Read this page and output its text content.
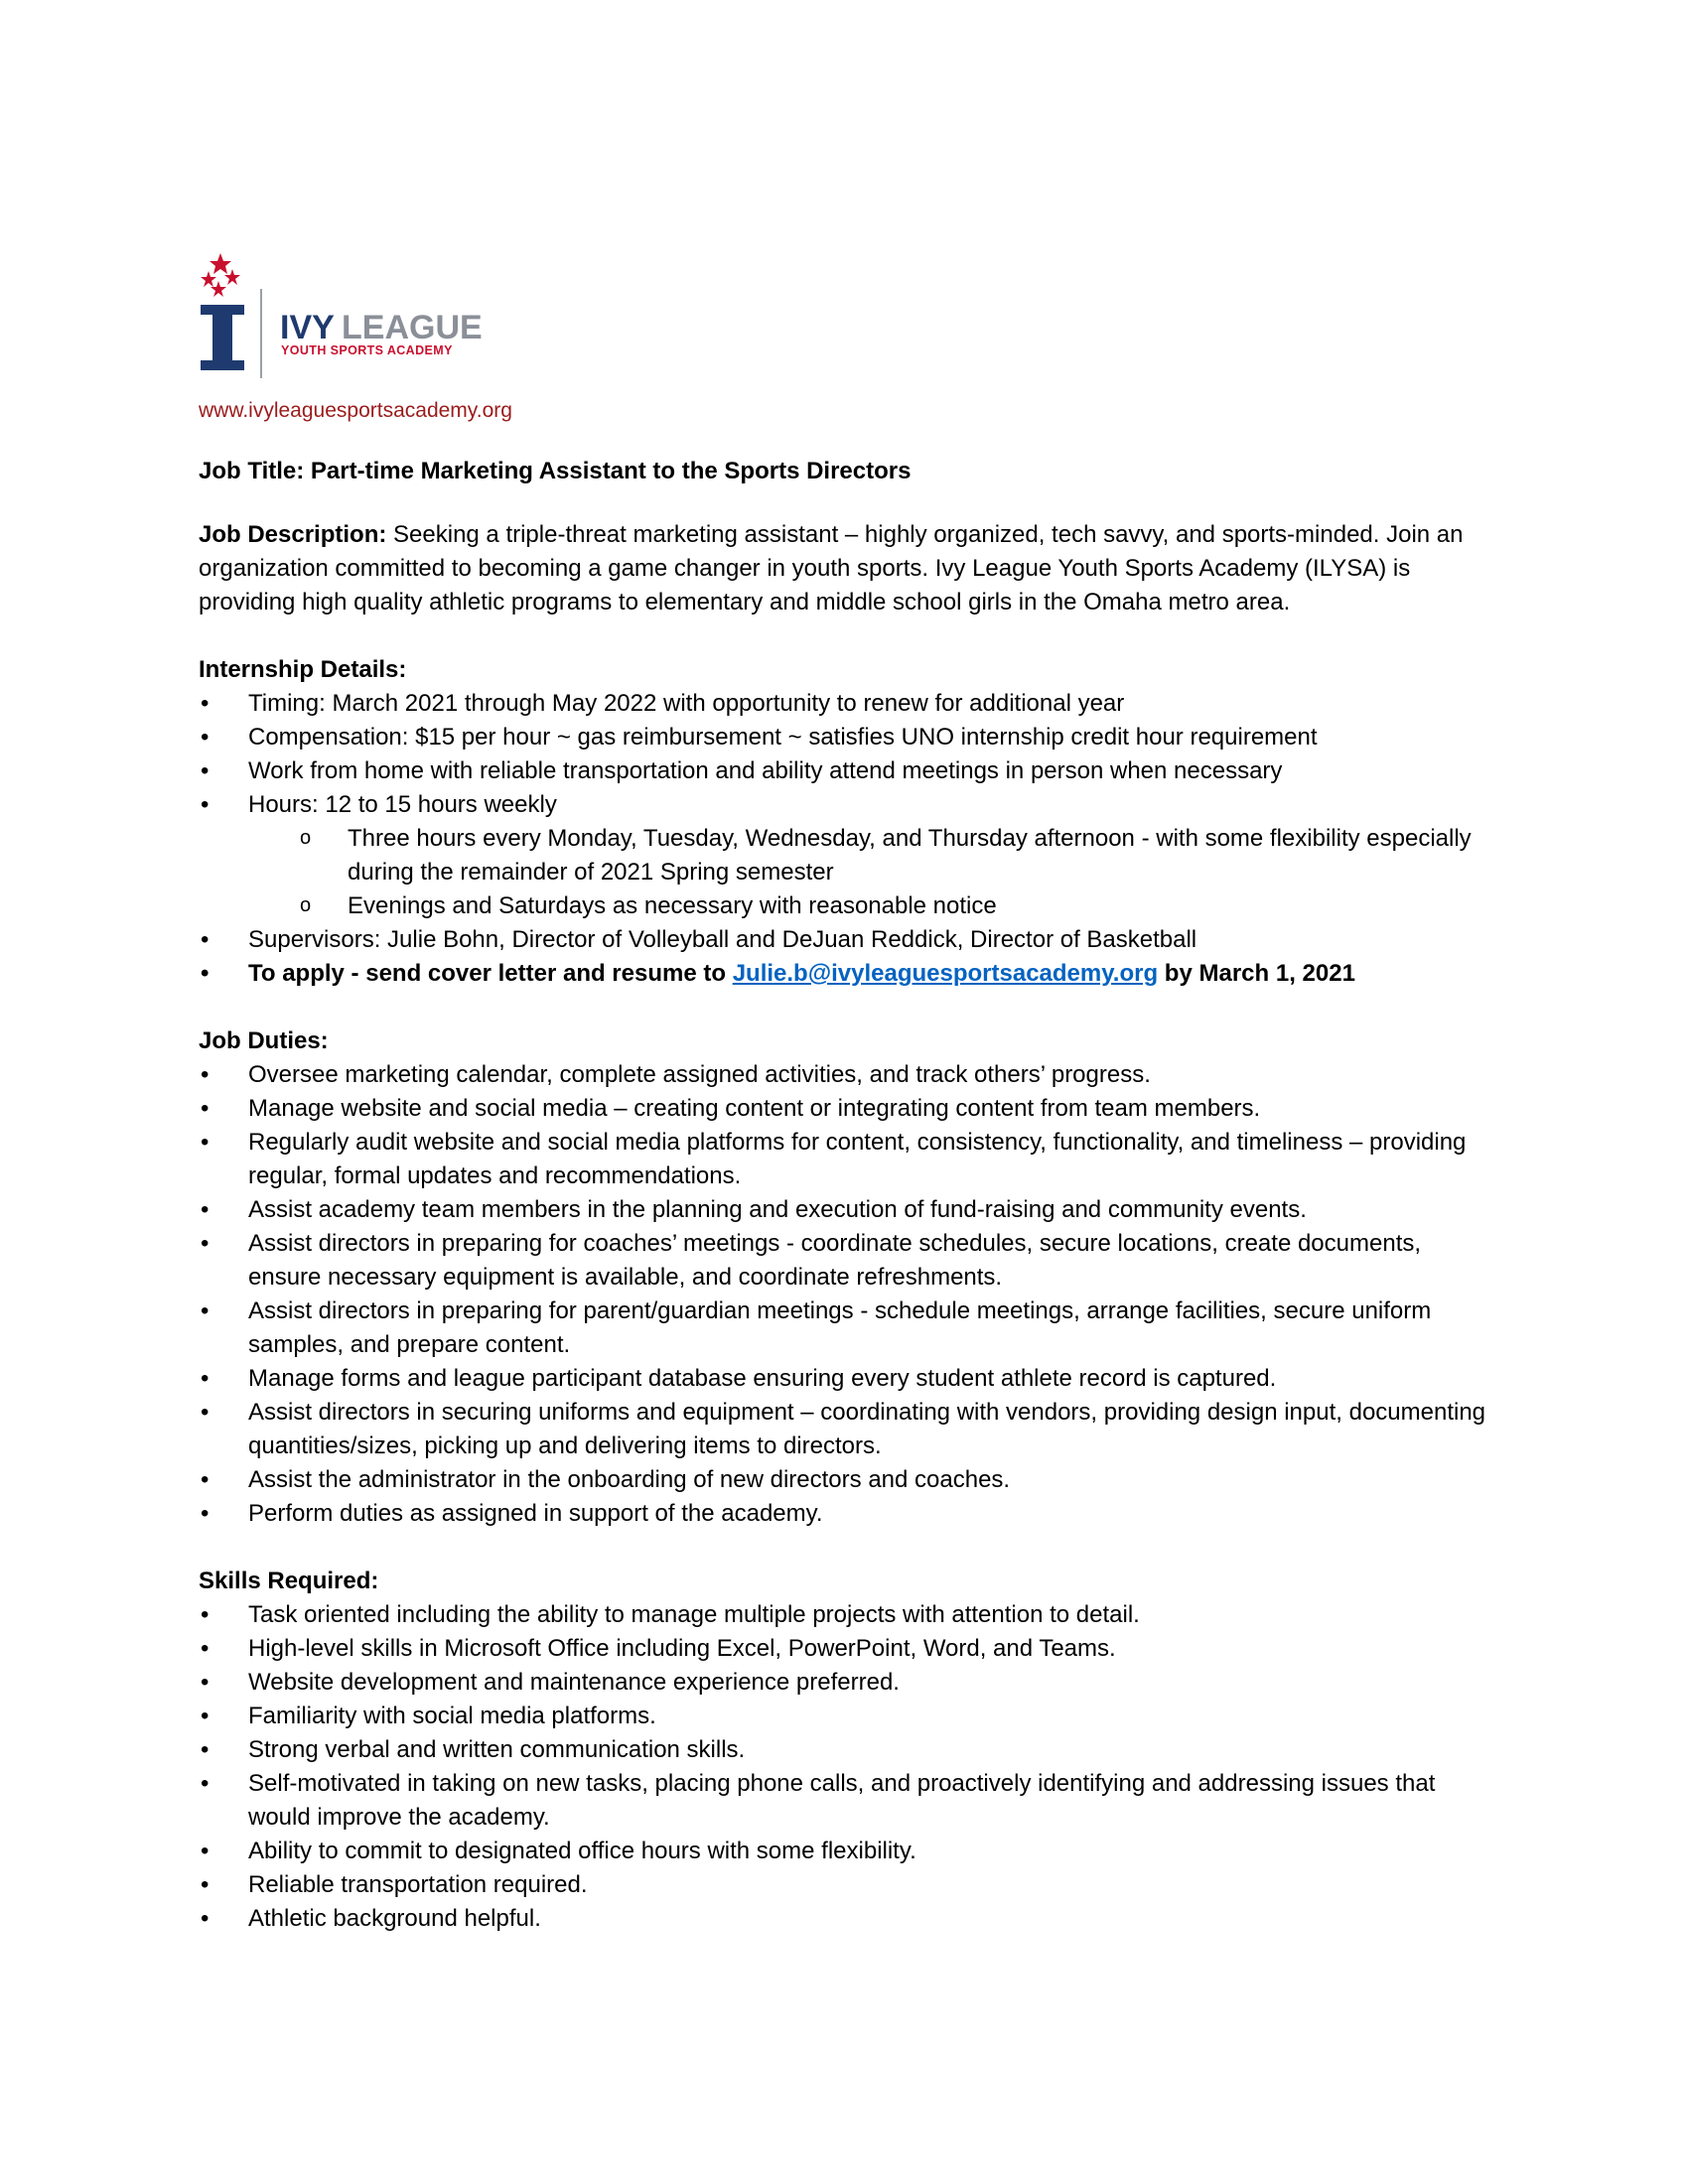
IVY LEAGUE
YOUTH SPORTS ACADEMY
www.ivyleaguesportsacademy.org
Job Title: Part-time Marketing Assistant to the Sports Directors
Job Description: Seeking a triple-threat marketing assistant – highly organized, tech savvy, and sports-minded. Join an organization committed to becoming a game changer in youth sports. Ivy League Youth Sports Academy (ILYSA) is providing high quality athletic programs to elementary and middle school girls in the Omaha metro area.
Internship Details:
• Timing: March 2021 through May 2022 with opportunity to renew for additional year
• Compensation: $15 per hour ~ gas reimbursement ~ satisfies UNO internship credit hour requirement
• Work from home with reliable transportation and ability attend meetings in person when necessary
• Hours: 12 to 15 hours weekly
o Three hours every Monday, Tuesday, Wednesday, and Thursday afternoon - with some flexibility especially during the remainder of 2021 Spring semester
o Evenings and Saturdays as necessary with reasonable notice
• Supervisors: Julie Bohn, Director of Volleyball and DeJuan Reddick, Director of Basketball
• To apply - send cover letter and resume to Julie.b@ivyleaguesportsacademy.org by March 1, 2021
Job Duties:
• Oversee marketing calendar, complete assigned activities, and track others’ progress.
• Manage website and social media – creating content or integrating content from team members.
• Regularly audit website and social media platforms for content, consistency, functionality, and timeliness – providing regular, formal updates and recommendations.
• Assist academy team members in the planning and execution of fund-raising and community events.
• Assist directors in preparing for coaches’ meetings - coordinate schedules, secure locations, create documents, ensure necessary equipment is available, and coordinate refreshments.
• Assist directors in preparing for parent/guardian meetings - schedule meetings, arrange facilities, secure uniform samples, and prepare content.
• Manage forms and league participant database ensuring every student athlete record is captured.
• Assist directors in securing uniforms and equipment – coordinating with vendors, providing design input, documenting quantities/sizes, picking up and delivering items to directors.
• Assist the administrator in the onboarding of new directors and coaches.
• Perform duties as assigned in support of the academy.
Skills Required:
• Task oriented including the ability to manage multiple projects with attention to detail.
• High-level skills in Microsoft Office including Excel, PowerPoint, Word, and Teams.
• Website development and maintenance experience preferred.
• Familiarity with social media platforms.
• Strong verbal and written communication skills.
• Self-motivated in taking on new tasks, placing phone calls, and proactively identifying and addressing issues that would improve the academy.
• Ability to commit to designated office hours with some flexibility.
• Reliable transportation required.
• Athletic background helpful.
